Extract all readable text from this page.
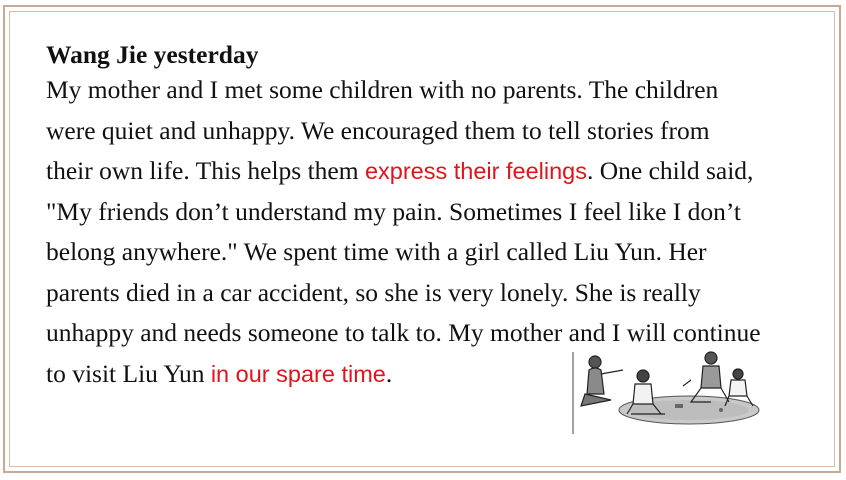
Wang Jie yesterday
My mother and I met some children with no parents. The children
were quiet and unhappy. We encouraged them to tell stories from
their own life. This helps them express their feelings. One child said,
"My friends don’t understand my pain. Sometimes I feel like I don’t
belong anywhere." We spent time with a girl called Liu Yun. Her
parents died in a car accident, so she is very lonely. She is really
unhappy and needs someone to talk to. My mother and I will continue
to visit Liu Yun in our spare time.
